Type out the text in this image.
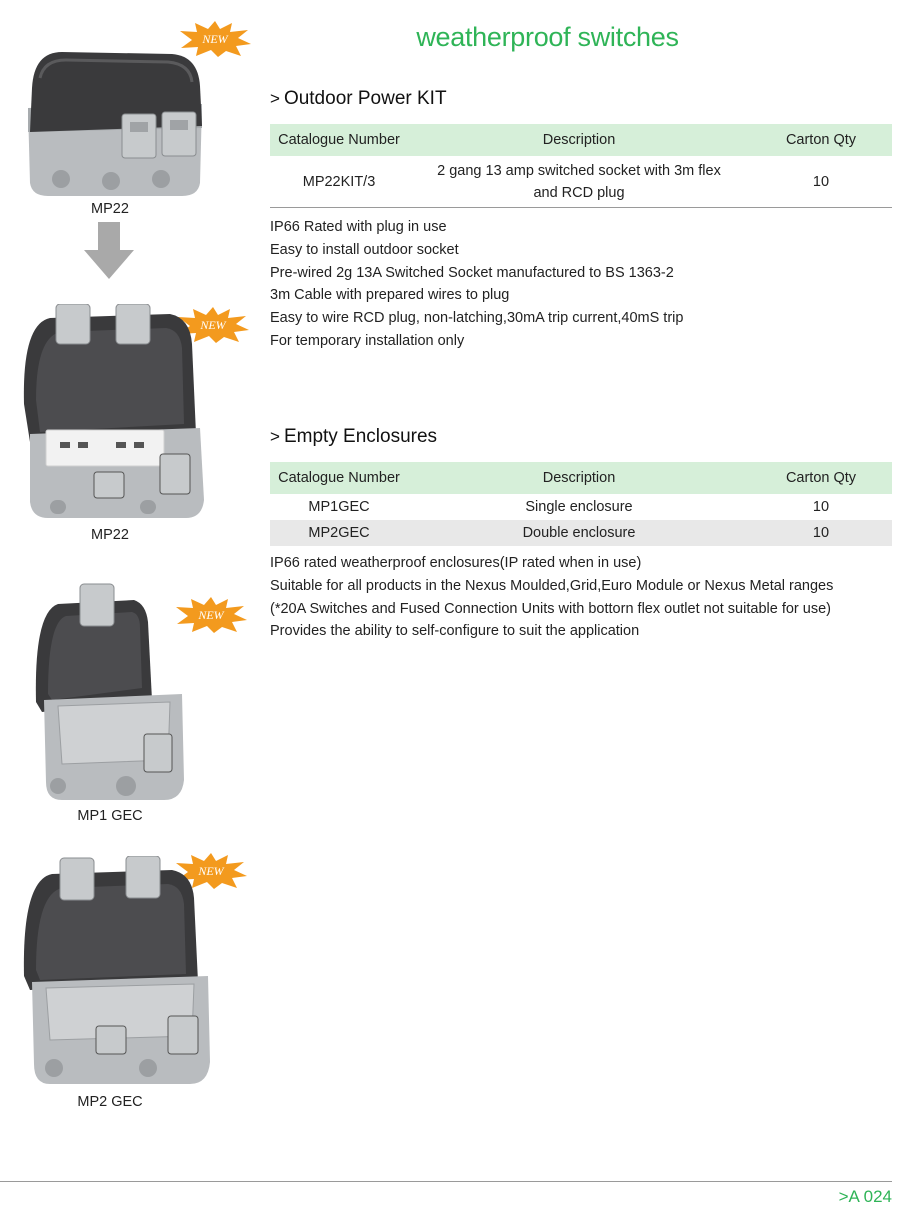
weatherproof switches
NEW
MP22
NEW
MP22
NEW
MP1 GEC
NEW
MP2 GEC
> Outdoor Power KIT
Catalogue Number	Description	Carton Qty
MP22KIT/3	2 gang 13 amp switched socket with 3m flex
and RCD plug	10
IP66 Rated with plug in use
Easy to install outdoor socket
Pre-wired 2g 13A Switched Socket manufactured to BS 1363-2
3m Cable with prepared wires to plug
Easy to wire RCD plug, non-latching,30mA trip current,40mS trip
For temporary installation only
> Empty Enclosures
Catalogue Number	Description	Carton Qty
MP1GEC	Single enclosure	10
MP2GEC	Double enclosure	10
IP66 rated weatherproof enclosures(IP rated when in use)
Suitable for all products in the Nexus Moulded,Grid,Euro Module or Nexus Metal ranges
(*20A Switches and Fused Connection Units with bottorn flex outlet not suitable for use)
Provides the ability to self-configure to suit the application
>A 024
